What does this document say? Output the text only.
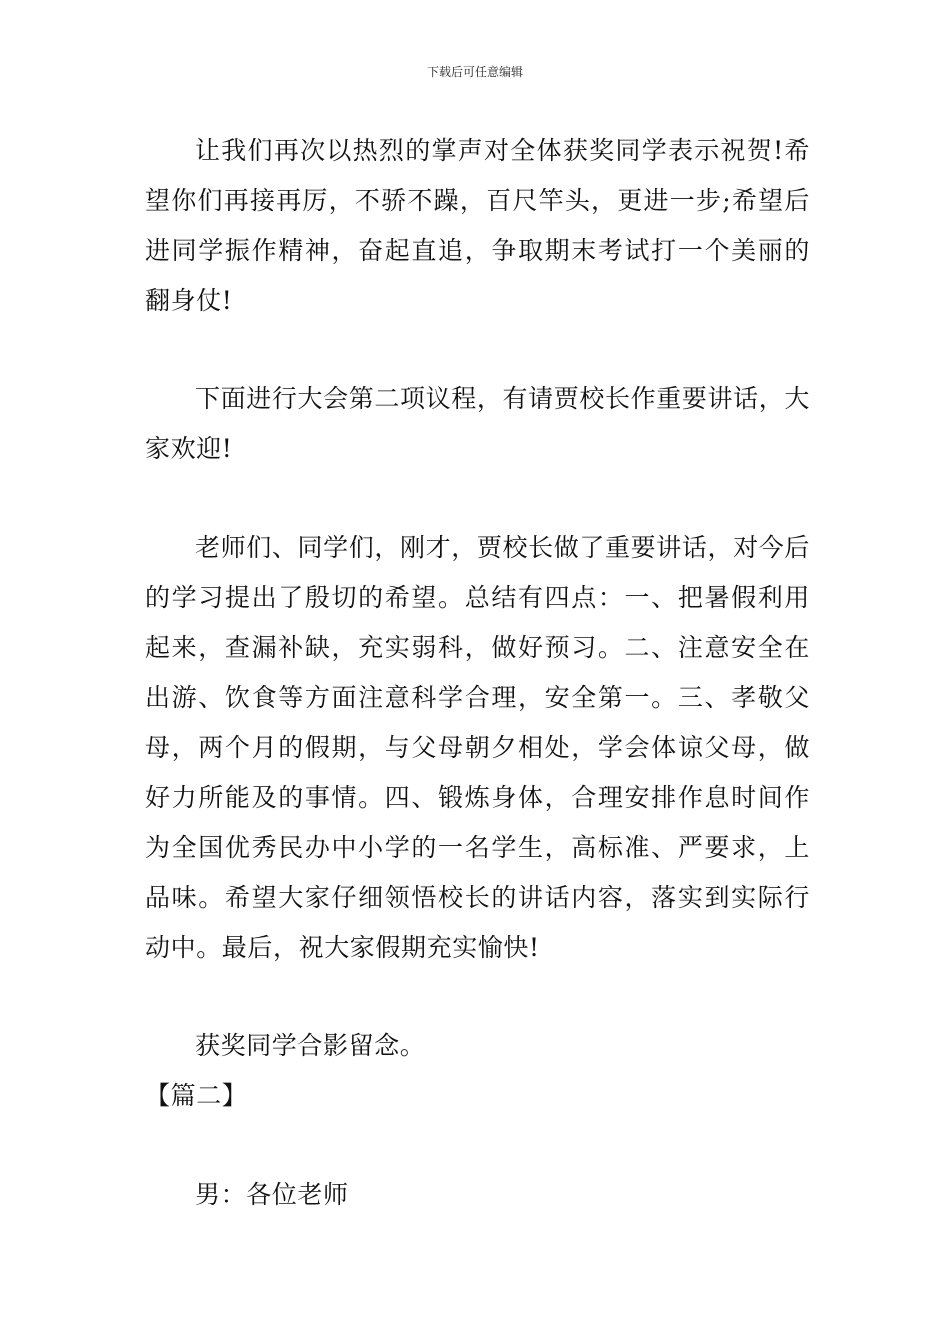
下载后可任意编辑

让我们再次以热烈的掌声对全体获奖同学表示祝贺!希望你们再接再厉，不骄不躁，百尺竿头，更进一步;希望后进同学振作精神，奋起直追，争取期末考试打一个美丽的翻身仗!

下面进行大会第二项议程，有请贾校长作重要讲话，大家欢迎!

老师们、同学们，刚才，贾校长做了重要讲话，对今后的学习提出了殷切的希望。总结有四点：一、把暑假利用起来，查漏补缺，充实弱科，做好预习。二、注意安全在出游、饮食等方面注意科学合理，安全第一。三、孝敬父母，两个月的假期，与父母朝夕相处，学会体谅父母，做好力所能及的事情。四、锻炼身体，合理安排作息时间作为全国优秀民办中小学的一名学生，高标准、严要求，上品味。希望大家仔细领悟校长的讲话内容，落实到实际行动中。最后，祝大家假期充实愉快!

获奖同学合影留念。

【篇二】

男：各位老师
